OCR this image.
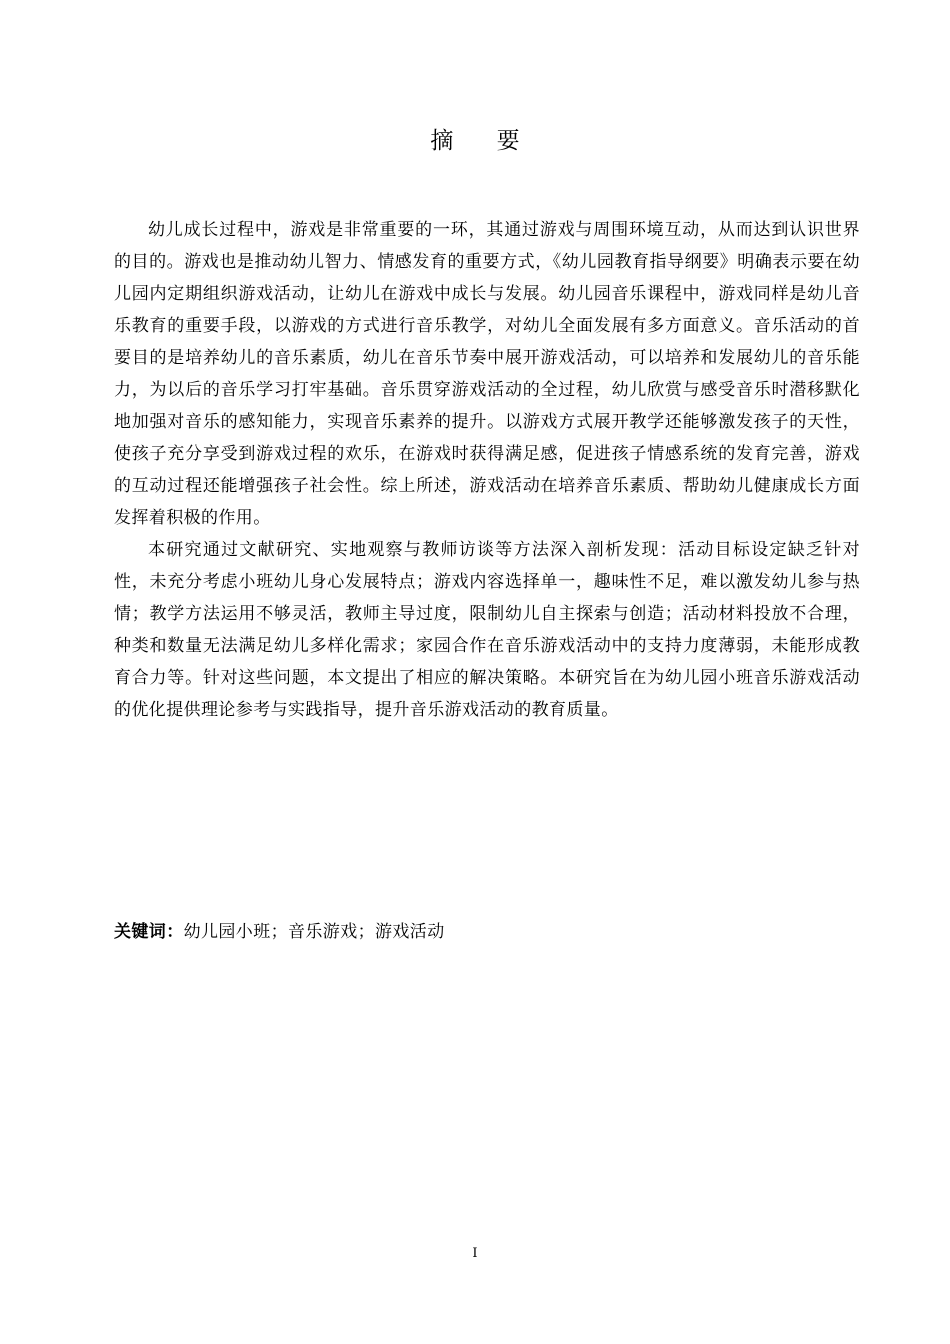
摘 要

幼儿成长过程中，游戏是非常重要的一环，其通过游戏与周围环境互动，从而达到认识世界的目的。游戏也是推动幼儿智力、情感发育的重要方式，《幼儿园教育指导纲要》明确表示要在幼儿园内定期组织游戏活动，让幼儿在游戏中成长与发展。幼儿园音乐课程中，游戏同样是幼儿音乐教育的重要手段，以游戏的方式进行音乐教学，对幼儿全面发展有多方面意义。音乐活动的首要目的是培养幼儿的音乐素质，幼儿在音乐节奏中展开游戏活动，可以培养和发展幼儿的音乐能力，为以后的音乐学习打牢基础。音乐贯穿游戏活动的全过程，幼儿欣赏与感受音乐时潜移默化地加强对音乐的感知能力，实现音乐素养的提升。以游戏方式展开教学还能够激发孩子的天性，使孩子充分享受到游戏过程的欢乐，在游戏时获得满足感，促进孩子情感系统的发育完善，游戏的互动过程还能增强孩子社会性。综上所述，游戏活动在培养音乐素质、帮助幼儿健康成长方面发挥着积极的作用。

本研究通过文献研究、实地观察与教师访谈等方法深入剖析发现：活动目标设定缺乏针对性，未充分考虑小班幼儿身心发展特点；游戏内容选择单一，趣味性不足，难以激发幼儿参与热情；教学方法运用不够灵活，教师主导过度，限制幼儿自主探索与创造；活动材料投放不合理，种类和数量无法满足幼儿多样化需求；家园合作在音乐游戏活动中的支持力度薄弱，未能形成教育合力等。针对这些问题，本文提出了相应的解决策略。本研究旨在为幼儿园小班音乐游戏活动的优化提供理论参考与实践指导，提升音乐游戏活动的教育质量。

关键词：幼儿园小班；音乐游戏；游戏活动
I
